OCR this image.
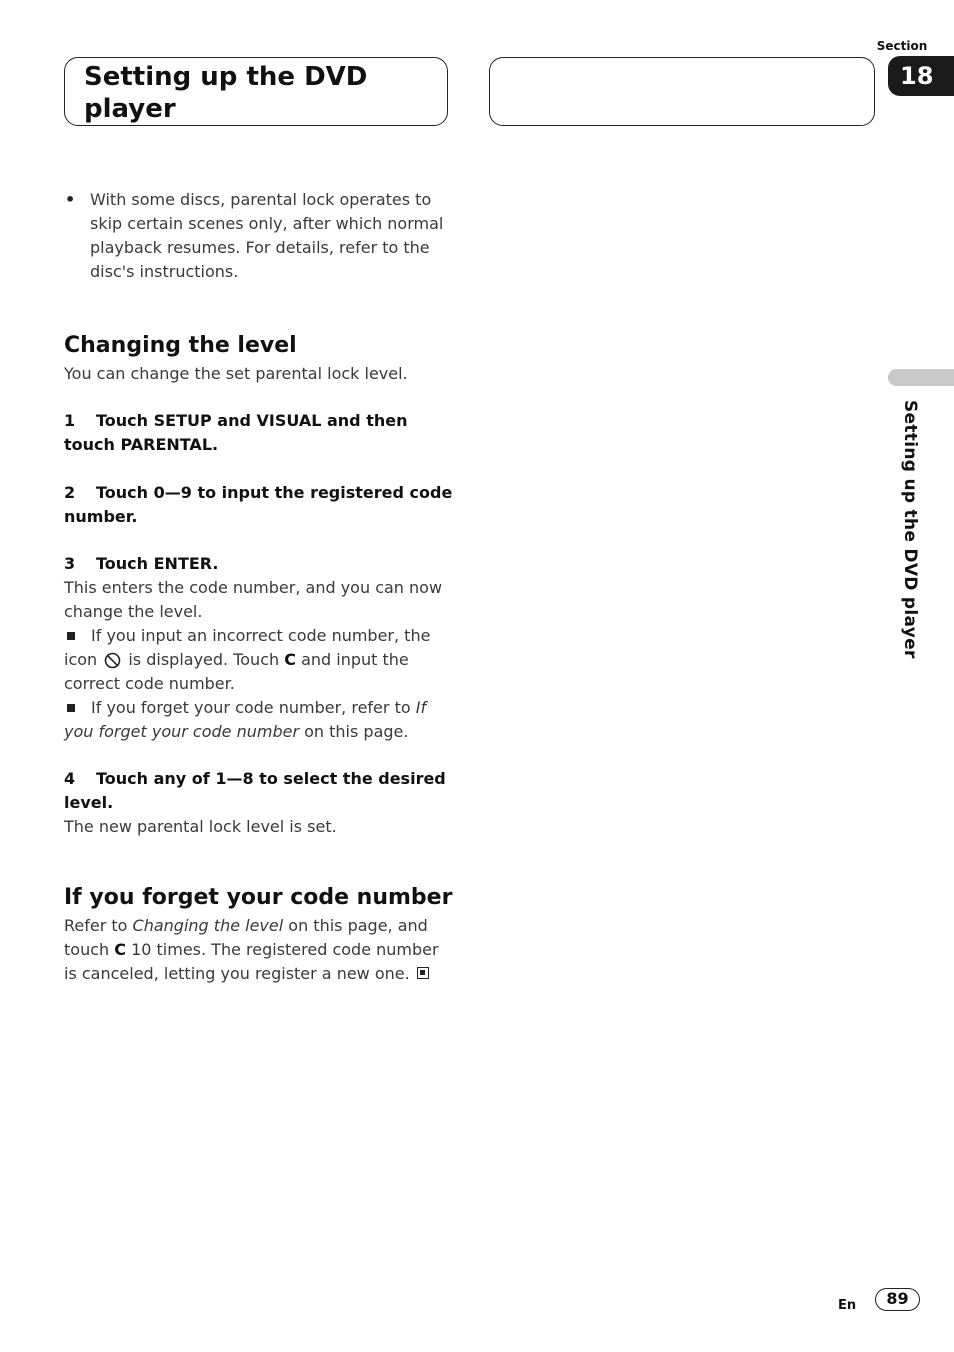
Setting up the DVD player
Section
18
Setting up the DVD player

• With some discs, parental lock operates to skip certain scenes only, after which normal playback resumes. For details, refer to the disc's instructions.

Changing the level

You can change the set parental lock level.

1 Touch SETUP and VISUAL and then touch PARENTAL.

2 Touch 0—9 to input the registered code number.

3 Touch ENTER.

This enters the code number, and you can now change the level.

If you input an incorrect code number, the icon is displayed. Touch C and input the correct code number.

If you forget your code number, refer to If you forget your code number on this page.

4 Touch any of 1—8 to select the desired level.

The new parental lock level is set.

If you forget your code number

Refer to Changing the level on this page, and touch C 10 times. The registered code number is canceled, letting you register a new one.

En	89
